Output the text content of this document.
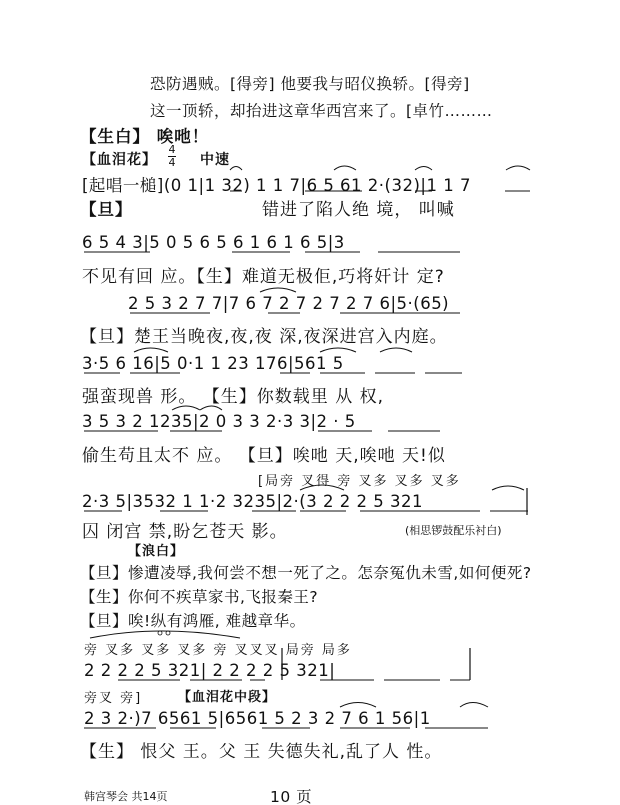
恐防遇贼。[得旁] 他要我与昭仪换轿。[得旁]
这一顶轿，却抬进这章华西宫来了。[卓竹………
【生白】 唉吔！
【血泪花】
4
4 中速
[起唱一槌](0 1|1 32) 1 1 7|6 5 61 2·(32)|1 1 7
【旦】	错进了陷人绝 境， 叫喊
6 5 4 3|5 0 5 6 5 6 1 6 1 6 5|3
不见有回 应。【生】难道无极佢,巧将奸计 定?
2 5 3 2 7 7|7 6 7 2 7 2 7 2 7 6|5·(65)
【旦】楚王当晚夜,夜,夜 深,夜深进宫入内庭。
3·5 6 16|5 0·1 1 23 176|561 5
强蛮现兽 形。 【生】你数载里 从 权,
3 5 3 2 1235|2 0 3 3 2·3 3|2 · 5
偷生苟且太不 应。 【旦】唉吔 天,唉吔 天!似
[局旁 叉得 旁 叉多 叉多 叉多
2·3 5|3532 1 1·2 3235|2·(3 2 2 2 5 321
囚 闭宫 禁,盼乞苍天 影。	(相思锣鼓配乐衬白)
【浪白】
【旦】惨遭凌辱,我何尝不想一死了之。怎奈冤仇未雪,如何便死?
【生】你何不疾草家书,飞报秦王?
【旦】唉!纵有鸿雁, 难越章华。
旁 叉多 叉多 叉多 旁 叉叉叉 局旁 局多
2 2 2 2 5 321| 2 2 2 2 5 321|
旁叉 旁]	【血泪花中段】
2 3 2·)7 6561 5|6561 5 2 3 2 7 6 1 56|1
【生】 恨父 王。父 王 失德失礼,乱了人 性。
韩宫琴会 共14页	10 页
